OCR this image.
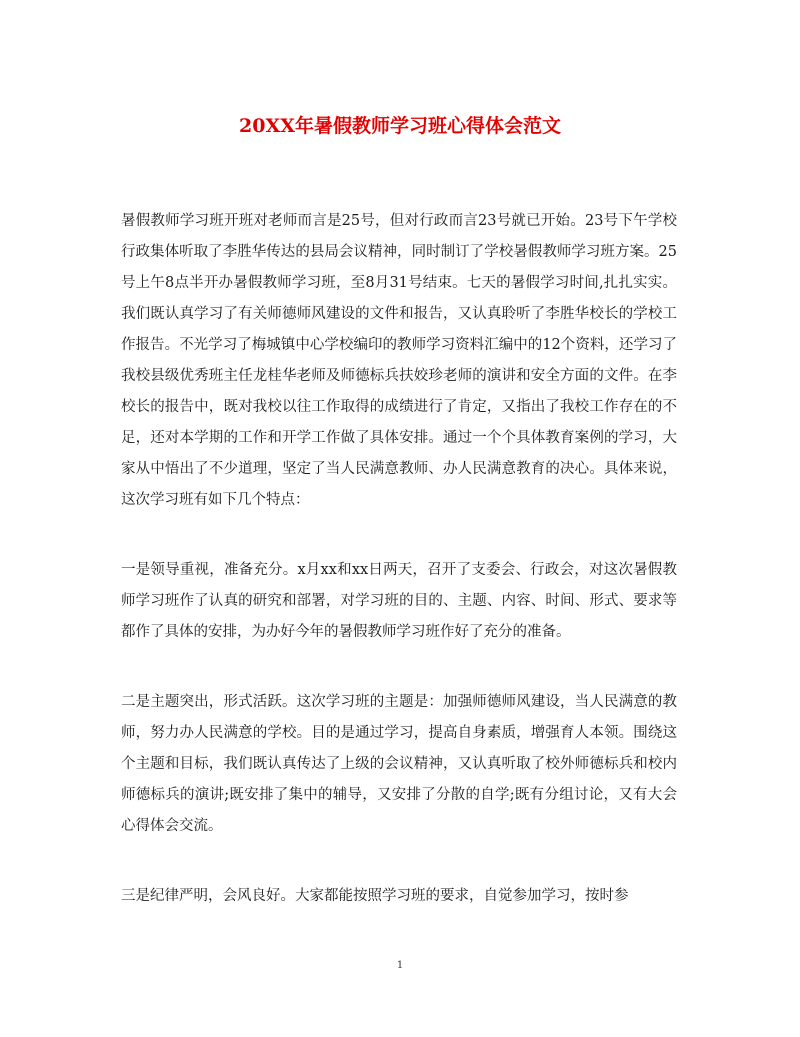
20XX年暑假教师学习班心得体会范文

暑假教师学习班开班对老师而言是25号，但对行政而言23号就已开始。23号下午学校行政集体听取了李胜华传达的县局会议精神，同时制订了学校暑假教师学习班方案。25号上午8点半开办暑假教师学习班，至8月31号结束。七天的暑假学习时间,扎扎实实。我们既认真学习了有关师德师风建设的文件和报告，又认真聆听了李胜华校长的学校工作报告。不光学习了梅城镇中心学校编印的教师学习资料汇编中的12个资料，还学习了我校县级优秀班主任龙桂华老师及师德标兵扶姣珍老师的演讲和安全方面的文件。在李校长的报告中，既对我校以往工作取得的成绩进行了肯定，又指出了我校工作存在的不足，还对本学期的工作和开学工作做了具体安排。通过一个个具体教育案例的学习，大家从中悟出了不少道理，坚定了当人民满意教师、办人民满意教育的决心。具体来说，这次学习班有如下几个特点：

一是领导重视，准备充分。x月xx和xx日两天，召开了支委会、行政会，对这次暑假教师学习班作了认真的研究和部署，对学习班的目的、主题、内容、时间、形式、要求等都作了具体的安排，为办好今年的暑假教师学习班作好了充分的准备。

二是主题突出，形式活跃。这次学习班的主题是：加强师德师风建设，当人民满意的教师，努力办人民满意的学校。目的是通过学习，提高自身素质，增强育人本领。围绕这个主题和目标，我们既认真传达了上级的会议精神，又认真听取了校外师德标兵和校内师德标兵的演讲;既安排了集中的辅导，又安排了分散的自学;既有分组讨论，又有大会心得体会交流。

三是纪律严明，会风良好。大家都能按照学习班的要求，自觉参加学习，按时参

1
